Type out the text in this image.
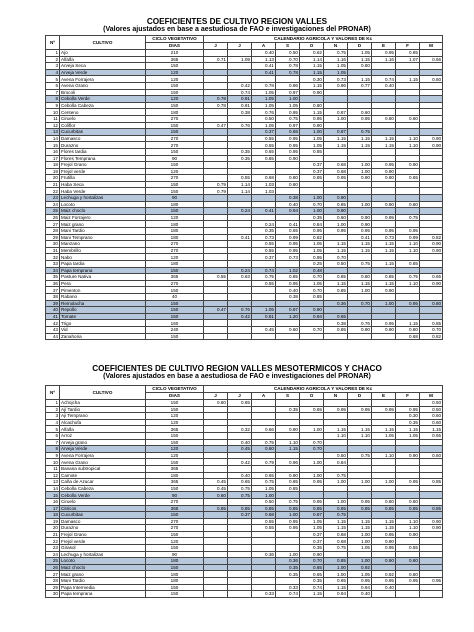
COEFICIENTES DE CULTIVO REGION VALLES
(Valores ajustados en base a aestudiosa de FAO e investigaciones del PRONAR)
Nº	CULTIVO	CICLO VEGETATIVO	CALENDARIO AGRICOLA Y VALORES DE Kc									
		DIAS	J	J	A	S	O	N	D	E	F	M
1	Ajo	210			0.40	0.50	0.62	0.75	1.05	0.95	0.85	
2	Alfalfa	365	0.71	1.09	1.13	0.70	1.14	1.16	1.15	1.16	1.07	0.66
3	Arveja Seca	150			0.41	0.78	1.15	1.05	0.80			
4	Arveja Verde	120			0.41	0.78	1.15	1.05				
5	Avena Forrajera	120					0.30	0.73	1.15	0.74	1.15	0.60
6	Avena Grano	150		0.42	0.78	0.96	1.15	0.96	0.77	0.40		
7	Brocoli	150		0.74	1.05	0.97	0.90					
8	Cebolla Verde	120	0.78	0.91	1.05	1.00						
9	Cebolla Cabeza	150	0.78	0.91	1.05	1.05	0.80					
10	Centeno	180		0.38	0.76	0.95	1.15	0.87	0.60			
11	Ciruelo	270			0.50	0.75	0.95	1.00	0.95	0.80	0.60	
12	Coliflor	150	0.47	0.76	1.05	0.97	0.90					
13	Cucurbitas	150			0.37	0.68	1.00	0.87	0.75			
14	Damasco	270			0.55	0.95	1.05	1.15	1.15	1.15	1.10	0.90
15	Durazno	270			0.55	0.95	1.05	1.15	1.15	1.15	1.10	0.90
16	Flores tardia	150		0.35	0.65	0.95	0.85					
17	Flores Temprana	90		0.35	0.85	0.90						
18	Frejol Grano	150					0.37	0.68	1.00	0.95	0.90	
19	Frejol verde	120					0.37	0.68	1.00	0.90		
20	Frutilla	270		0.55	0.68	0.80	0.85	0.95	0.90	0.80	0.65	
21	Haba Seca	150	0.79	1.14	1.03	0.80						
22	Haba Verde	150	0.79	1.14	1.03							
23	Lechuga y hortalizas	90				0.38	1.00	0.90				
24	Locoto	180				0.40	0.70	0.85	1.00	0.90	0.80	
25	Maiz choclo	150		0.24	0.41	0.94	1.00	0.90				
26	Maiz Forrajero	120					0.35	0.60	0.90	0.95	0.75	
27	Maiz grano	180			0.24	0.41	0.84	1.00	0.90			
28	Mani Tardio	180			0.35	0.65	0.95	0.95	0.95	0.95	0.95	
29	Mani Temprano	180		0.41	0.73	0.99	0.82		0.41	0.73	0.99	0.82
30	Manzano	270			0.55	0.95	1.05	1.15	1.15	1.15	1.10	0.90
31	Membrillo	270			0.55	0.95	1.05	1.15	1.15	1.15	1.10	0.90
32	Nabo	120			0.37	0.73	0.95	0.70				
33	Papa tardia	180					0.25	0.50	0.75	1.15	0.85	
34	Papa temprana	150		0.24	0.74	1.02	0.48					
35	Pasture Nativa	365	0.55	0.63	0.75	0.85	0.70	0.85	0.80	0.85	0.75	0.65
36	Pera	270			0.55	0.95	1.05	1.15	1.15	1.15	1.10	0.90
37	Pimenton	150				0.40	0.70	0.85	1.00	0.90		
38	Rabano	40				0.38	0.85					
39	Remolacha	150						0.36	0.70	1.00	0.95	0.80
40	Repollo	150	0.47	0.76	1.05	0.97	0.90					
41	Tomate	150		0.42	0.81	1.20	0.94	0.65				
42	Trigo	160						0.38	0.76	0.95	1.15	0.85
43	Vid	240			0.45	0.60	0.70	0.85	0.90	0.90	0.80	0.70
44	Zanahoria	150									0.68	0.82
COEFICIENTES DE CULTIVO REGION VALLES MESOTERMICOS Y CHACO
(Valores ajustados en base a aestudiosa de FAO e investigaciones del PRONAR)
Nº	CULTIVO	CICLO VEGETATIVO	CALENDARIO AGRICOLA Y VALORES DE Kc									
		DIAS	J	J	A	S	O	N	D	E	F	M
1	Achojcha	150	0.80	0.65								0.50
2	Ají Tardio	150				0.35	0.65	0.95	0.95	0.95	0.95	0.50
3	Aji Temprano	120									0.30	0.60
4	Alcachofa	120									0.35	0.60
5	Alfalfa	365		0.32	0.66	0.90	1.00	1.15	1.15	1.15	1.15	1.15
6	Arroz	150						1.10	1.10	1.05	1.05	0.65
7	Arveja grano	150		0.40	0.75	1.10	0.70					
8	Arveja Verde	120		0.45	0.80	1.15	0.70					
9	Avena Forrajera	120						0.50	0.75	1.10	0.90	0.60
10	Avena Grano	150		0.42	0.79	0.96	1.00	0.84				
11	Banana subtropical	365										
12	Camote	180		0.40	0.65	0.90	1.00	0.75				
13	Caña de Azucar	365	0.45	0.65	0.75	0.85	0.95	1.00	1.00	1.00	0.95	0.85
14	Cebolla Cabeza	150	0.45	0.75	1.05	0.85						
15	Cebolla Verde	90	0.60	0.75	1.00							
16	Ciruelo	270			0.50	0.75	0.95	1.00	0.95	0.80	0.60	
17	Citricos	365	0.85	0.85	0.85	0.85	0.85	0.85	0.85	0.85	0.85	0.85
18	Cucurbitas	150		0.37	0.68	1.00	0.87	0.75				
19	Damasco	270			0.55	0.95	1.05	1.15	1.15	1.15	1.10	0.90
20	Durazno	270			0.55	0.95	1.05	1.15	1.15	1.15	1.10	0.90
21	Frejol Grano	150					0.37	0.68	1.00	0.95	0.90	
22	Frejol verde	120					0.37	0.68	1.00	0.90		
23	Girasol	150					0.35	0.75	1.05	0.95	0.55	
24	Lechuga y hortalizas	90			0.36	1.00	0.90					
25	Locoto	180				0.36	0.70	0.85	1.00	0.90	0.80	
26	Maiz choclo	150				0.35	0.65	1.00	0.92			
27	Maiz grano	180				0.35	0.65	1.00	1.05	0.92	0.80	
28	Mani Tardio	180					0.35	0.65	0.95	0.95	0.95	0.95
29	Papa Intermedia	150				0.33	0.74	1.15	0.94	0.40		
30	Papa temprana	150			0.33	0.74	1.15	0.94	0.40			
